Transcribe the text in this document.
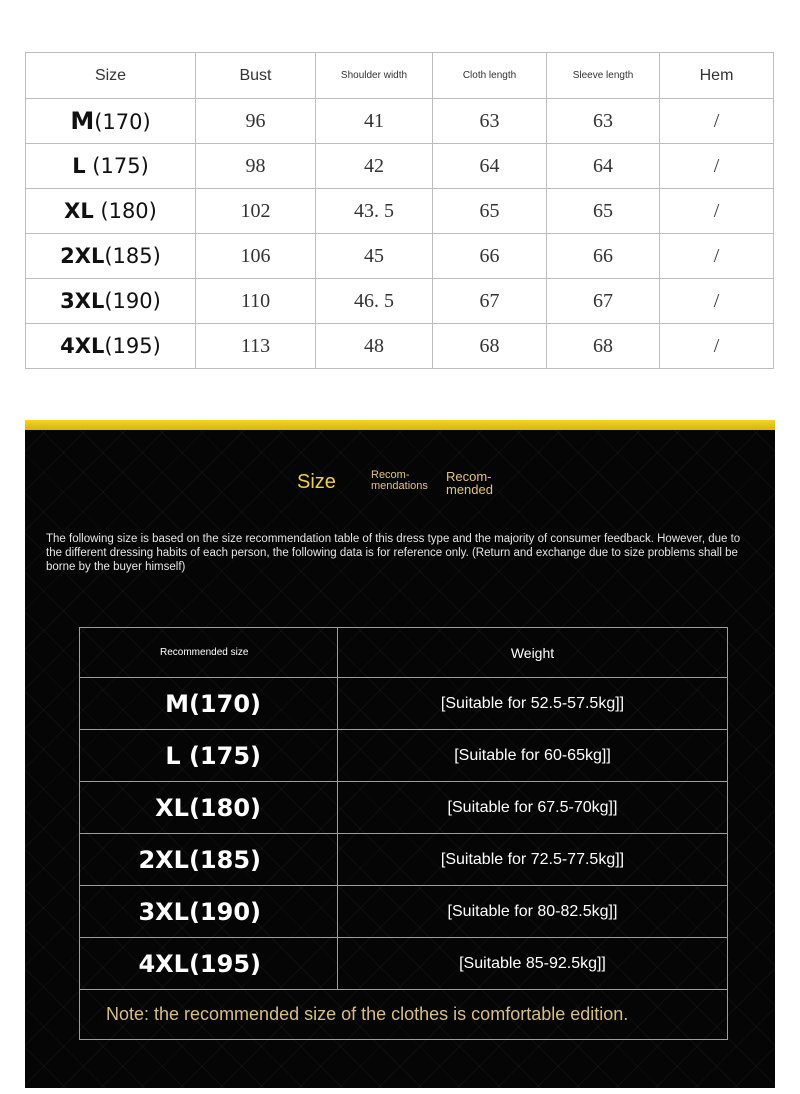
Size	Bust	Shoulder width	Cloth length	Sleeve length	Hem
M(170)	96	41	63	63	/
L (175)	98	42	64	64	/
XL (180)	102	43. 5	65	65	/
2XL(185)	106	45	66	66	/
3XL(190)	110	46. 5	67	67	/
4XL(195)	113	48	68	68	/
Size	Recom-mendations
Recom-mended
The following size is based on the size recommendation table of this dress type and the majority of consumer feedback. However, due to the different dressing habits of each person, the following data is for reference only. (Return and exchange due to size problems shall be borne by the buyer himself)
Recommended size	Weight
M(170)	[Suitable for 52.5-57.5kg]]
L (175)	[Suitable for 60-65kg]]
XL(180)	[Suitable for 67.5-70kg]]
2XL(185)	[Suitable for 72.5-77.5kg]]
3XL(190)	[Suitable for 80-82.5kg]]
4XL(195)	[Suitable 85-92.5kg]]
Note: the recommended size of the clothes is comfortable edition.	
